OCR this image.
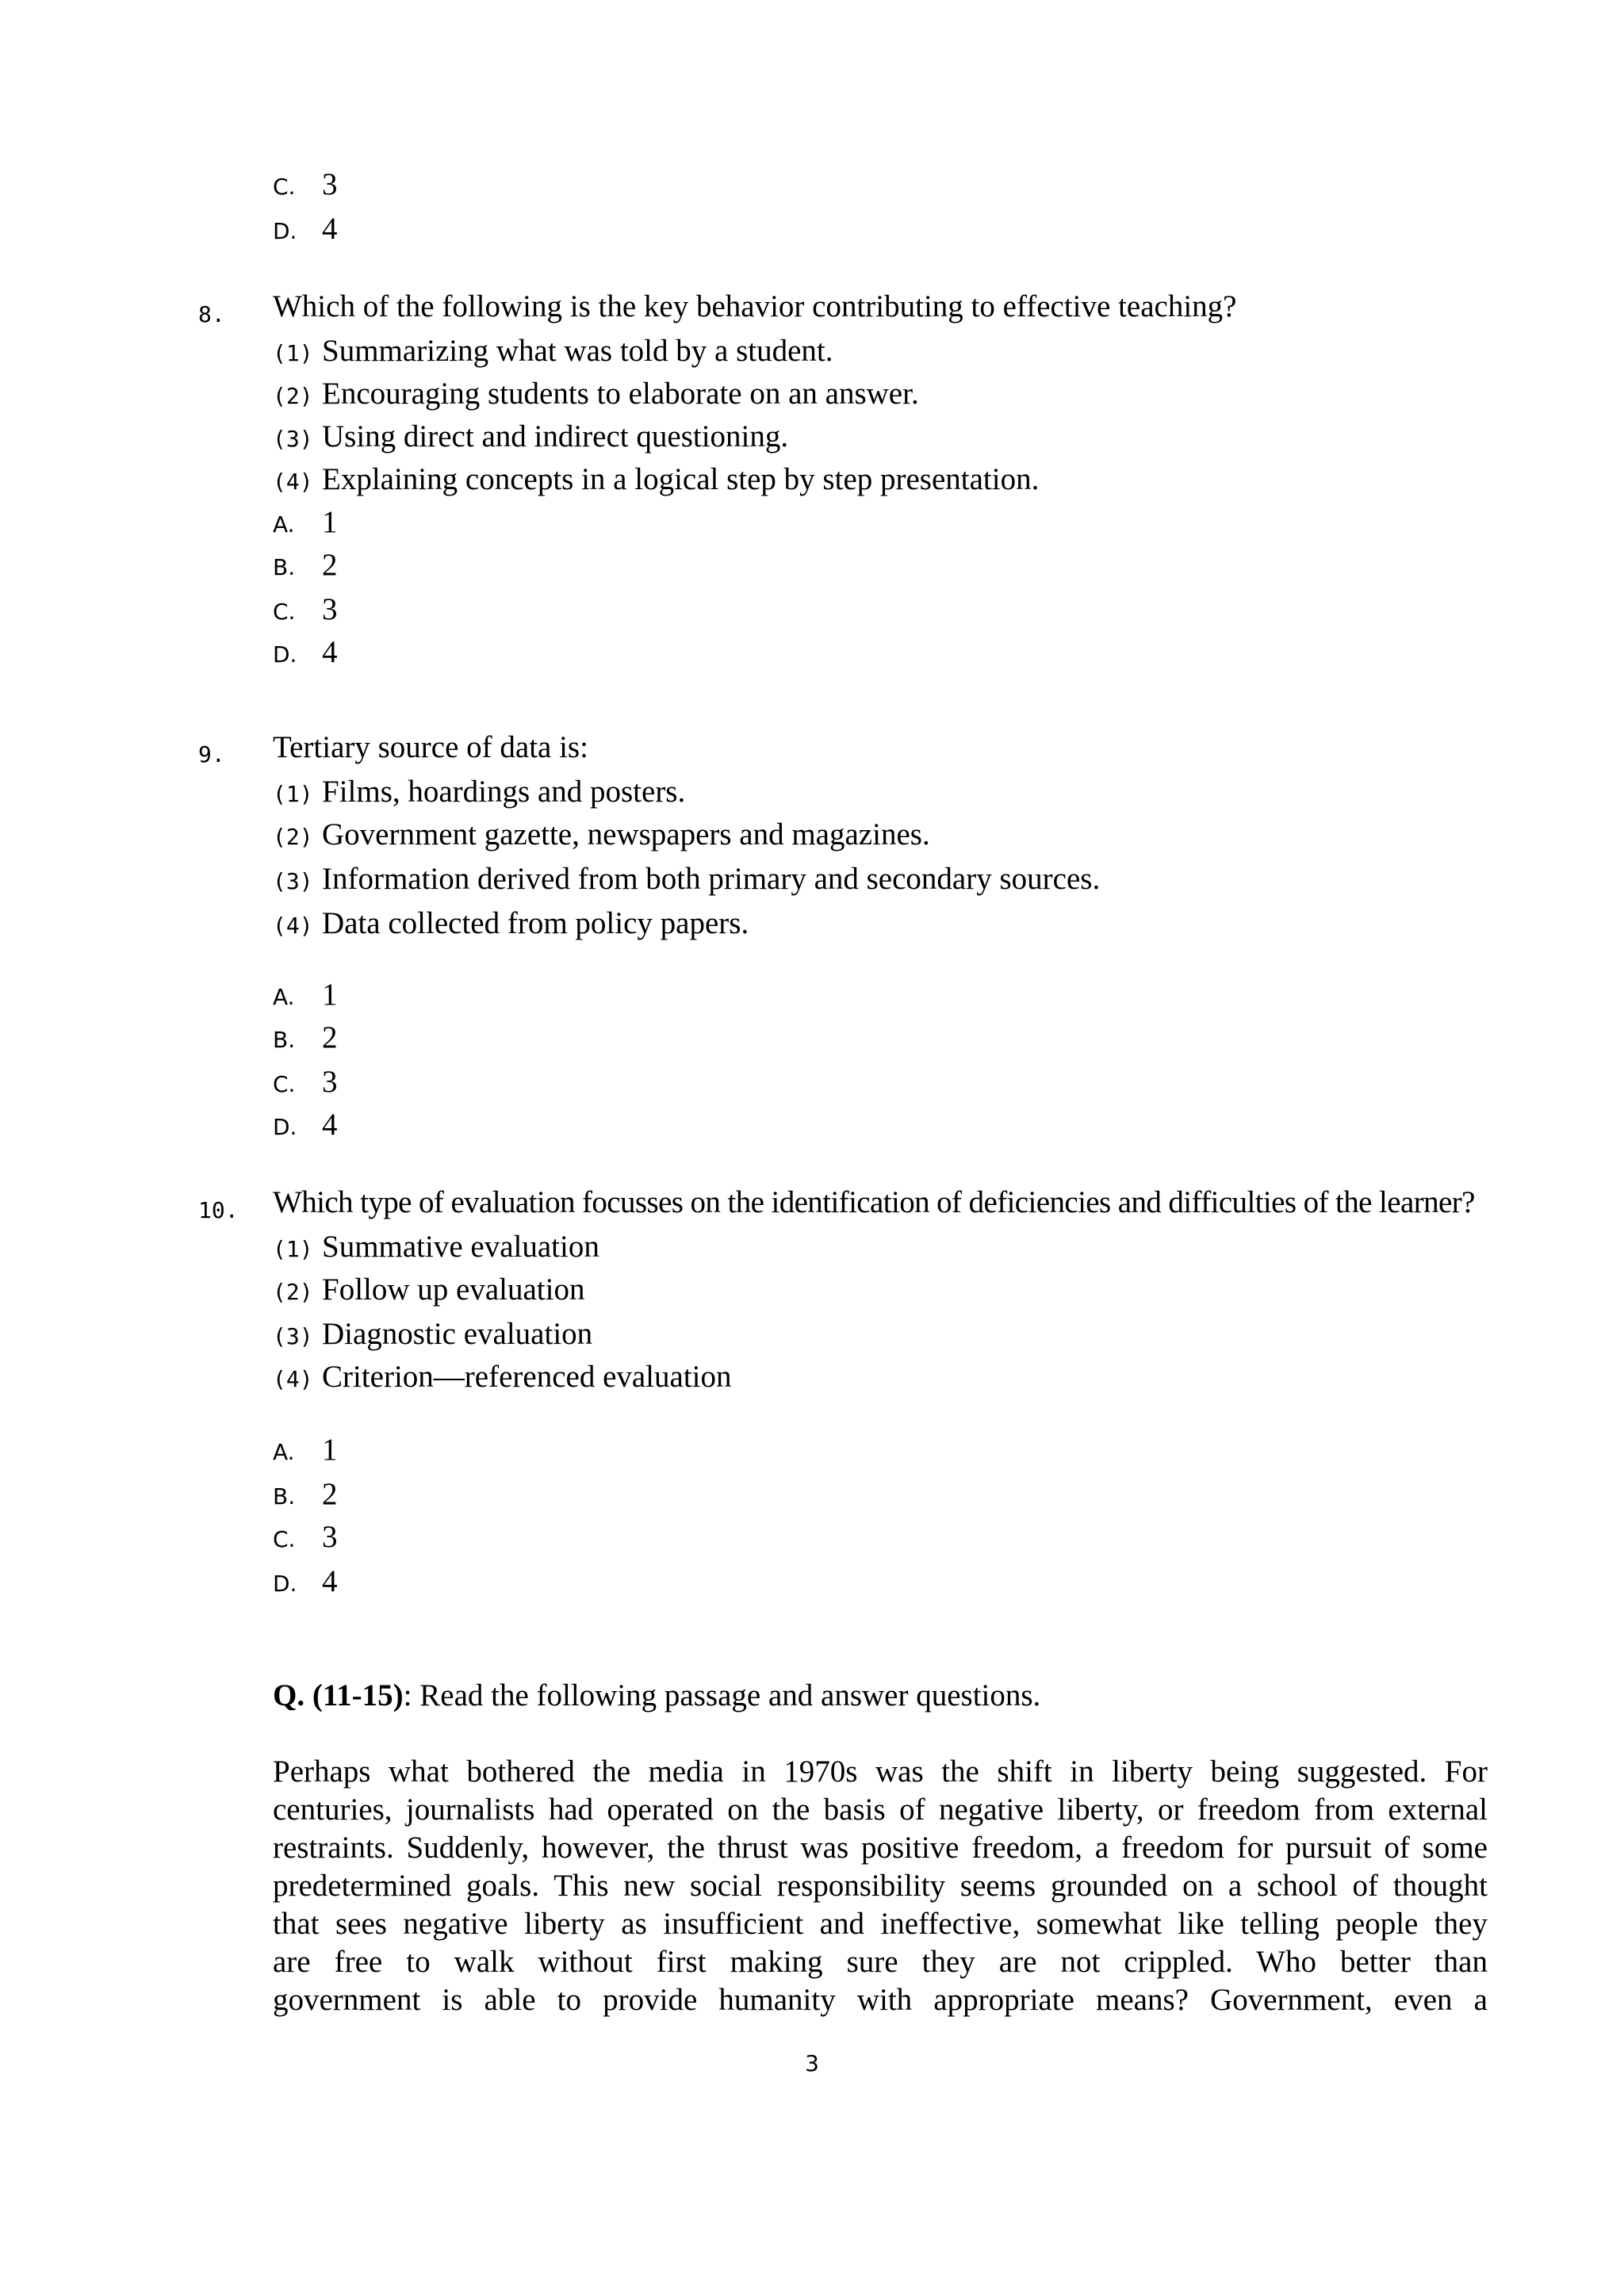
C. 3
D. 4
8. Which of the following is the key behavior contributing to effective teaching?
(1) Summarizing what was told by a student.
(2) Encouraging students to elaborate on an answer.
(3) Using direct and indirect questioning.
(4) Explaining concepts in a logical step by step presentation.
A. 1
B. 2
C. 3
D. 4
9. Tertiary source of data is:
(1) Films, hoardings and posters.
(2) Government gazette, newspapers and magazines.
(3) Information derived from both primary and secondary sources.
(4) Data collected from policy papers.
A. 1
B. 2
C. 3
D. 4
10. Which type of evaluation focusses on the identification of deficiencies and difficulties of the learner?
(1) Summative evaluation
(2) Follow up evaluation
(3) Diagnostic evaluation
(4) Criterion—referenced evaluation
A. 1
B. 2
C. 3
D. 4
Q. (11-15): Read the following passage and answer questions.
Perhaps what bothered the media in 1970s was the shift in liberty being suggested. For
centuries, journalists had operated on the basis of negative liberty, or freedom from external
restraints. Suddenly, however, the thrust was positive freedom, a freedom for pursuit of some
predetermined goals. This new social responsibility seems grounded on a school of thought
that sees negative liberty as insufficient and ineffective, somewhat like telling people they
are free to walk without first making sure they are not crippled. Who better than
government is able to provide humanity with appropriate means? Government, even a
3
